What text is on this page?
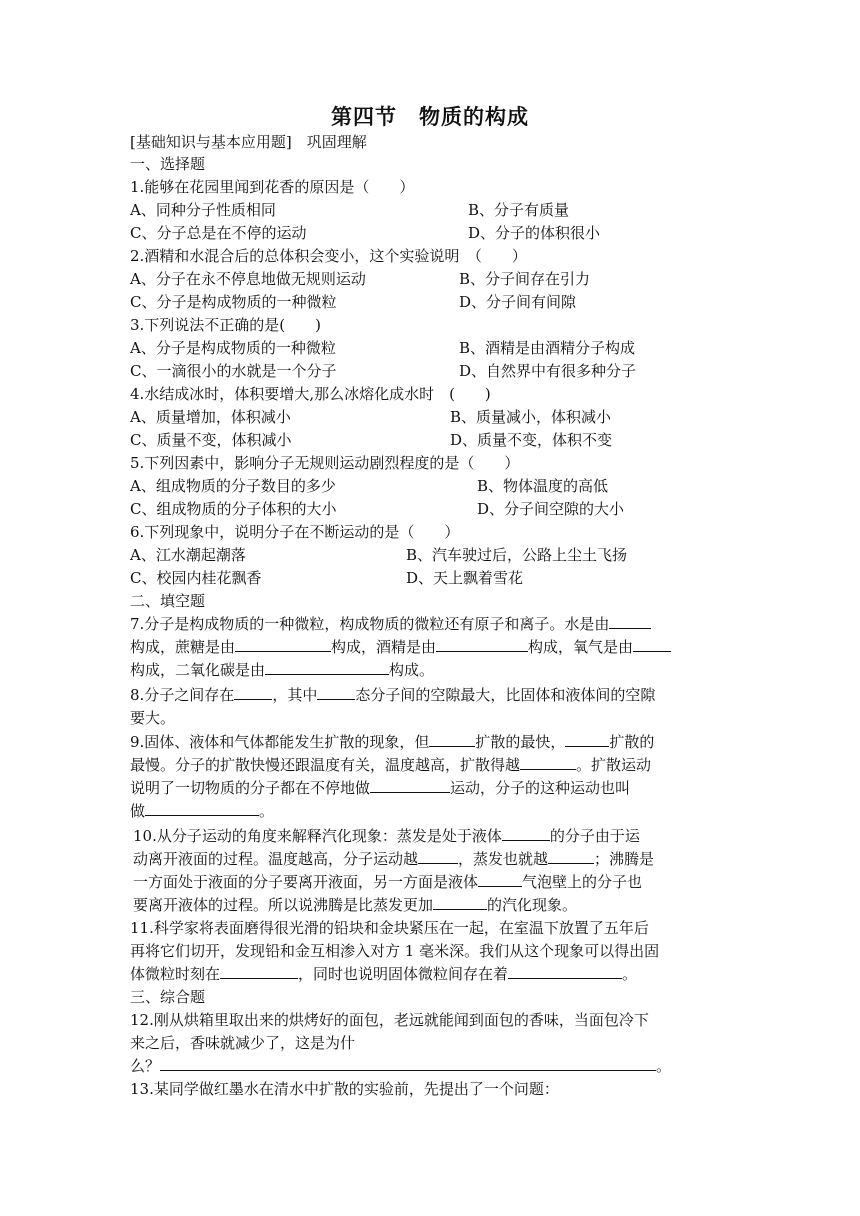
第四节　物质的构成
[基础知识与基本应用题]　巩固理解
一、选择题
1.能够在花园里闻到花香的原因是（　　）
A、同种分子性质相同	B、分子有质量
C、分子总是在不停的运动	D、分子的体积很小
2.酒精和水混合后的总体积会变小，这个实验说明　（　　）
A、分子在永不停息地做无规则运动	B、分子间存在引力
C、分子是构成物质的一种微粒	D、分子间有间隙
3.下列说法不正确的是(　　)
A、分子是构成物质的一种微粒	B、酒精是由酒精分子构成
C、一滴很小的水就是一个分子	D、自然界中有很多种分子
4.水结成冰时，体积要增大,那么冰熔化成水时　(　　)
A、质量增加，体积减小	B、质量减小，体积减小
C、质量不变，体积减小	D、质量不变，体积不变
5.下列因素中，影响分子无规则运动剧烈程度的是（　　）
A、组成物质的分子数目的多少	B、物体温度的高低
C、组成物质的分子体积的大小	D、分子间空隙的大小
6.下列现象中，说明分子在不断运动的是（　　）
A、江水潮起潮落	B、汽车驶过后，公路上尘土飞扬
C、校园内桂花飘香	D、天上飘着雪花
二、填空题
7.分子是构成物质的一种微粒，构成物质的微粒还有原子和离子。水是由
构成，蔗糖是由	构成，酒精是由	构成，氧气是由
构成，二氧化碳是由	构成。
8.分子之间存在	，其中	态分子间的空隙最大，比固体和液体间的空隙
要大。
9.固体、液体和气体都能发生扩散的现象，但	扩散的最快，	扩散的
最慢。分子的扩散快慢还跟温度有关，温度越高，扩散得越	。扩散运动
说明了一切物质的分子都在不停地做	运动，分子的这种运动也叫
做	。
10.从分子运动的角度来解释汽化现象：蒸发是处于液体	的分子由于运
动离开液面的过程。温度越高，分子运动越	，蒸发也就越	；沸腾是
一方面处于液面的分子要离开液面，另一方面是液体	气泡壁上的分子也
要离开液体的过程。所以说沸腾是比蒸发更加	的汽化现象。
11.科学家将表面磨得很光滑的铅块和金块紧压在一起，在室温下放置了五年后
再将它们切开，发现铅和金互相渗入对方 1 毫米深。我们从这个现象可以得出固
体微粒时刻在	，同时也说明固体微粒间存在着	。
三、综合题
12.刚从烘箱里取出来的烘烤好的面包，老远就能闻到面包的香味，当面包冷下
来之后，香味就减少了，这是为什
么？	。
13.某同学做红墨水在清水中扩散的实验前，先提出了一个问题：
